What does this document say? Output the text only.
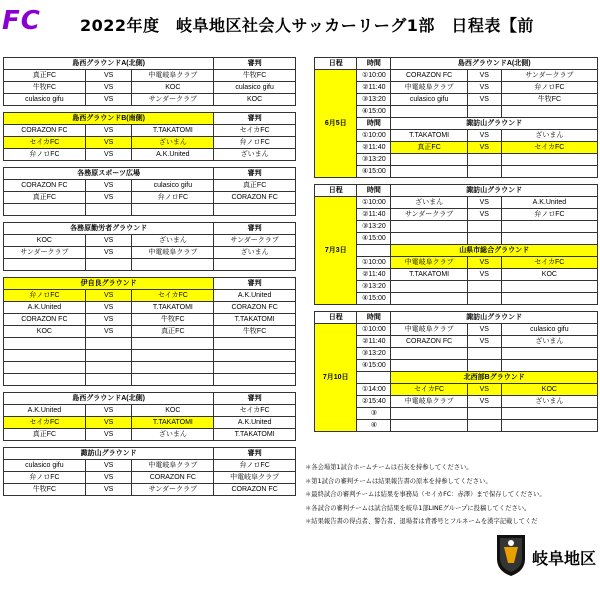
FC 2022年度　岐阜地区社会人サッカーリーグ1部　日程表【前
島西グラウンドA(北側)			審判
真正FC	VS	中電岐阜クラブ	牛牧FC
牛牧FC	VS	KOC	culasico gifu
culasico gifu	VS	サンダークラブ	KOC

島西グラウンドB(南側)			審判
CORAZON FC	VS	T.TAKATOMI	セイカFC
セイカFC	VS	ざいまん	弁ノロFC
弁ノロFC	VS	A.K.United	ざいまん

各務原スポーツ広場			審判
CORAZON FC	VS	culasico gifu	真正FC
真正FC	VS	弁ノロFC	CORAZON FC

各務原勤労者グラウンド			審判
KOC	VS	ざいまん	サンダークラブ
サンダークラブ	VS	中電岐阜クラブ	ざいまん

伊自良グラウンド			審判
弁ノロFC	VS	セイカFC	A.K.United
A.K.United	VS	T.TAKATOMI	CORAZON FC
CORAZON FC	VS	牛牧FC	T.TAKATOMI
KOC	VS	真正FC	牛牧FC

島西グラウンドA(北側)			審判
A.K.United	VS	KOC	セイカFC
セイカFC	VS	T.TAKATOMI	A.K.United
真正FC	VS	ざいまん	T.TAKATOMI

諏訪山グラウンド			審判
culasico gifu	VS	中電岐阜クラブ	弁ノロFC
弁ノロFC	VS	CORAZON FC	中電岐阜クラブ
牛牧FC	VS	サンダークラブ	CORAZON FC

日程	時間	島西グラウンドA(北側)		
6月5日	①10:00	CORAZON FC	VS	サンダークラブ
	②11:40	中電岐阜クラブ	VS	弁ノロFC
	③13:20	culasico gifu	VS	牛牧FC
	④15:00			
	時間	諏訪山グラウンド		
	①10:00	T.TAKATOMI	VS	ざいまん
	②11:40	真正FC	VS	セイカFC
	③13:20			
	④15:00			

日程	時間	諏訪山グラウンド		
7月3日	①10:00	ざいまん	VS	A.K.United
	②11:40	サンダークラブ	VS	弁ノロFC
	③13:20			
	④15:00			
		山県市総合グラウンド		
	①10:00	中電岐阜クラブ	VS	セイカFC
	②11:40	T.TAKATOMI	VS	KOC
	③13:20			
	④15:00			

日程	時間	諏訪山グラウンド		
7月10日	①10:00	中電岐阜クラブ	VS	culasico gifu
	②11:40	CORAZON FC	VS	ざいまん
	③13:20			
	④15:00			
		北西部Bグラウンド		
	①14:00	セイカFC	VS	KOC
	②15:40	中電岐阜クラブ	VS	ざいまん
	③			
	④			

＊各会場第1試合ホームチームは石灰を持参してください。
＊第1試合の審判チームは結果報告書の原本を持参してください。
＊最終試合の審判チームは結果を事務局（セイカFC：赤澤）まで保存してください。
＊各試合の審判チームは試合結果を岐阜1部LINEグループに投稿してください。
＊結果報告書の得点者、警告者、退場者は背番号とフルネームを漢字記載してくだ
岐阜地区
